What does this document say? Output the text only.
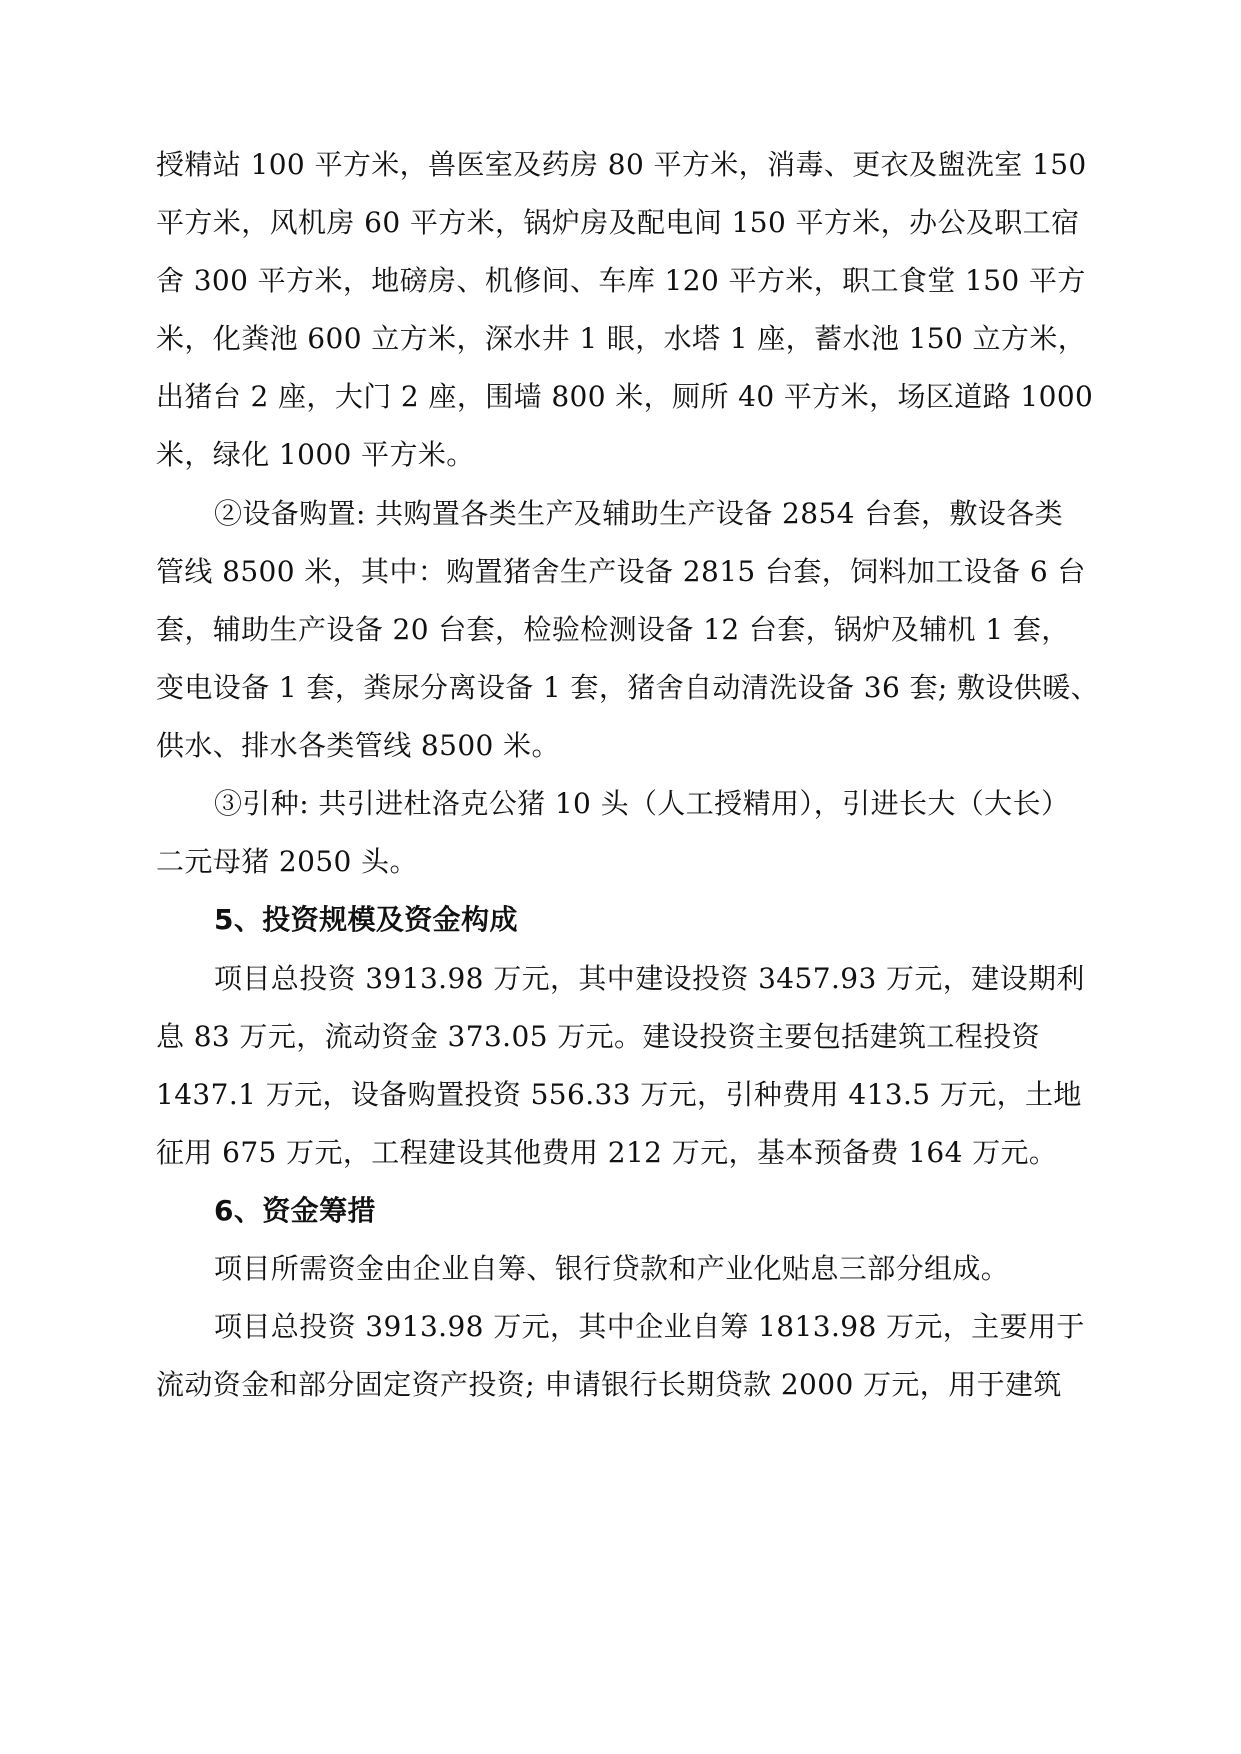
授精站 100 平方米，兽医室及药房 80 平方米，消毒、更衣及盥洗室 150
平方米，风机房 60 平方米，锅炉房及配电间 150 平方米，办公及职工宿
舍 300 平方米，地磅房、机修间、车库 120 平方米，职工食堂 150 平方
米，化粪池 600 立方米，深水井 1 眼，水塔 1 座，蓄水池 150 立方米，
出猪台 2 座，大门 2 座，围墙 800 米，厕所 40 平方米，场区道路 1000
米，绿化 1000 平方米。
②设备购置: 共购置各类生产及辅助生产设备 2854 台套，敷设各类
管线 8500 米，其中：购置猪舍生产设备 2815 台套，饲料加工设备 6 台
套，辅助生产设备 20 台套，检验检测设备 12 台套，锅炉及辅机 1 套，
变电设备 1 套，粪尿分离设备 1 套，猪舍自动清洗设备 36 套; 敷设供暖、
供水、排水各类管线 8500 米。
③引种: 共引进杜洛克公猪 10 头（人工授精用），引进长大（大长）
二元母猪 2050 头。
5、投资规模及资金构成
项目总投资 3913.98 万元，其中建设投资 3457.93 万元，建设期利
息 83 万元，流动资金 373.05 万元。建设投资主要包括建筑工程投资
1437.1 万元，设备购置投资 556.33 万元，引种费用 413.5 万元，土地
征用 675 万元，工程建设其他费用 212 万元，基本预备费 164 万元。
6、资金筹措
项目所需资金由企业自筹、银行贷款和产业化贴息三部分组成。
项目总投资 3913.98 万元，其中企业自筹 1813.98 万元，主要用于
流动资金和部分固定资产投资; 申请银行长期贷款 2000 万元，用于建筑
